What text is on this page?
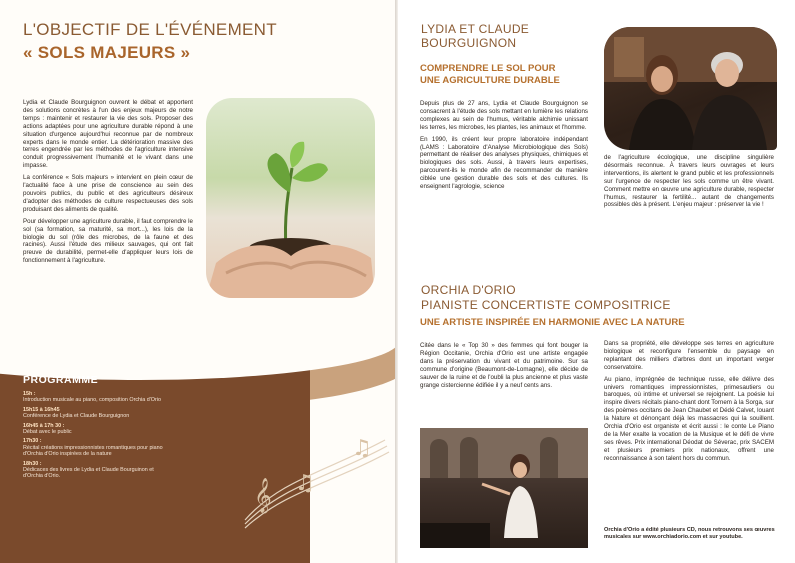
L'OBJECTIF DE L'ÉVÉNEMENT
« SOLS MAJEURS »

Lydia et Claude Bourguignon ouvrent le débat et apportent des solutions concrètes à l'un des enjeux majeurs de notre temps : maintenir et restaurer la vie des sols. Proposer des actions adaptées pour une agriculture durable répond à une situation d'urgence aujourd'hui reconnue par de nombreux experts dans le monde entier. La détérioration massive des terres engendrée par les méthodes de l'agriculture intensive conduit progressivement l'humanité et le vivant dans une impasse.

La conférence « Sols majeurs » intervient en plein cœur de l'actualité face à une prise de conscience au sein des pouvoirs publics, du public et des agriculteurs désireux d'adopter des méthodes de culture respectueuses des sols produisant des aliments de qualité.

Pour développer une agriculture durable, il faut comprendre le sol (sa formation, sa maturité, sa mort...), les lois de la biologie du sol (rôle des microbes, de la faune et des racines). Aussi l'étude des milieux sauvages, qui ont fait preuve de durabilité, permet-elle d'appliquer leurs lois de fonctionnement à l'agriculture.

PROGRAMME
15h :
Introduction musicale au piano, composition Orchia d'Orio
15h15 à 16h45
Conférence de Lydia et Claude Bourguignon
16h45 à 17h 30 :
Débat avec le public
17h30 :
Récital créations impressionnistes romantiques pour piano d'Orchia d'Orio inspirées de la nature
18h30 :
Dédicaces des livres de Lydia et Claude Bourguinon et d'Orchia d'Orio.
𝄞 ♫
♫
LYDIA ET CLAUDE
BOURGUIGNON
COMPRENDRE LE SOL POUR
UNE AGRICULTURE DURABLE

Depuis plus de 27 ans, Lydia et Claude Bourguignon se consacrent à l'étude des sols mettant en lumière les relations complexes au sein de l'humus, véritable alchimie unissant les terres, les microbes, les plantes, les animaux et l'homme.

En 1990, ils créent leur propre laboratoire indépendant (LAMS : Laboratoire d'Analyse Microbiologique des Sols) permettant de réaliser des analyses physiques, chimiques et biologiques des sols. Aussi, à travers leurs expertises, parcourent-ils le monde afin de recommander de manière ciblée une gestion durable des sols et des cultures. Ils enseignent l'agrologie, science

de l'agriculture écologique, une discipline singulière désormais reconnue. À travers leurs ouvrages et leurs interventions, ils alertent le grand public et les professionnels sur l'urgence de respecter les sols comme un être vivant. Comment mettre en œuvre une agriculture durable, respecter l'humus, restaurer la fertilité... autant de changements possibles dès à présent. L'enjeu majeur : préserver la vie !

ORCHIA D'ORIO
PIANISTE CONCERTISTE COMPOSITRICE
UNE ARTISTE INSPIRÉE EN HARMONIE AVEC LA NATURE

Citée dans le « Top 30 » des femmes qui font bouger la Région Occitanie, Orchia d'Orio est une artiste engagée dans la préservation du vivant et du patrimoine. Sur sa commune d'origine (Beaumont-de-Lomagne), elle décide de sauver de la ruine et de l'oubli la plus ancienne et plus vaste grange cistercienne édifiée il y a neuf cents ans.

Dans sa propriété, elle développe ses terres en agriculture biologique et reconfigure l'ensemble du paysage en replantant des milliers d'arbres dont un important verger conservatoire.

Au piano, imprégnée de technique russe, elle délivre des univers romantiques impressionnistes, primesautiers ou baroques, où intime et universel se rejoignent. La poésie lui inspire divers récitals piano-chant dont Tornem à la Sorga, sur des poèmes occitans de Jean Chaubet et Dédé Calvet, louant la Nature et dénonçant déjà les massacres qui la souillent. Orchia d'Orio est organiste et écrit aussi : le conte Le Piano de la Mer exalte la vocation de la Musique et le défi de vivre ses rêves. Prix international Déodat de Séverac, prix SACEM et plusieurs premiers prix nationaux, offrent une reconnaissance à son talent hors du commun.

Orchia d'Orio a édité plusieurs CD, nous retrouvons ses œuvres musicales sur www.orchiadorio.com et sur youtube.
